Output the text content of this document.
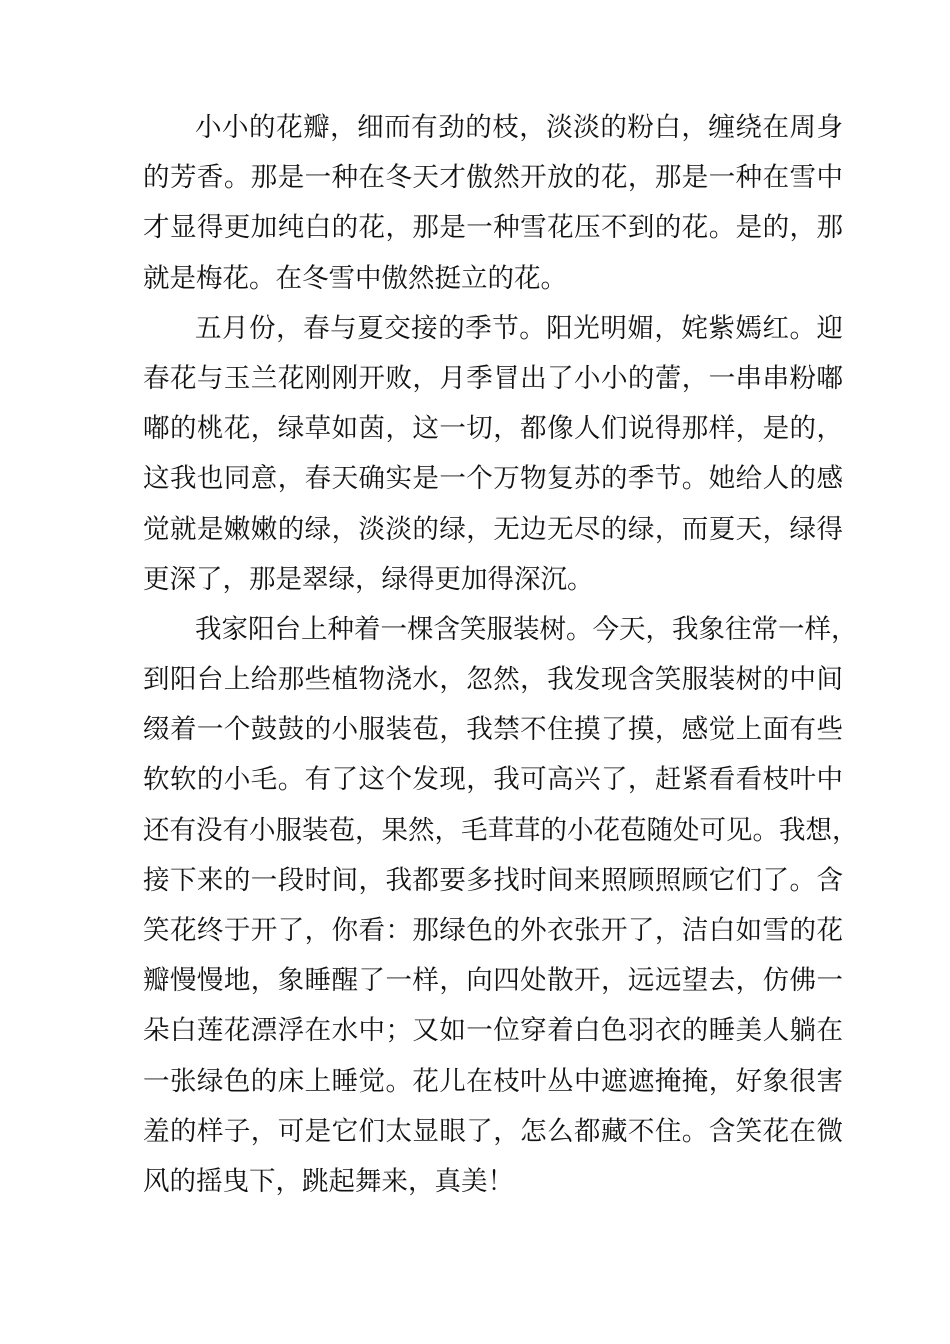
小小的花瓣，细而有劲的枝，淡淡的粉白，缠绕在周身
的芳香。那是一种在冬天才傲然开放的花，那是一种在雪中
才显得更加纯白的花，那是一种雪花压不到的花。是的，那
就是梅花。在冬雪中傲然挺立的花。
五月份，春与夏交接的季节。阳光明媚，姹紫嫣红。迎
春花与玉兰花刚刚开败，月季冒出了小小的蕾，一串串粉嘟
嘟的桃花，绿草如茵，这一切，都像人们说得那样，是的，
这我也同意，春天确实是一个万物复苏的季节。她给人的感
觉就是嫩嫩的绿，淡淡的绿，无边无尽的绿，而夏天，绿得
更深了，那是翠绿，绿得更加得深沉。
我家阳台上种着一棵含笑服装树。今天，我象往常一样，
到阳台上给那些植物浇水，忽然，我发现含笑服装树的中间
缀着一个鼓鼓的小服装苞，我禁不住摸了摸，感觉上面有些
软软的小毛。有了这个发现，我可高兴了，赶紧看看枝叶中
还有没有小服装苞，果然，毛茸茸的小花苞随处可见。我想，
接下来的一段时间，我都要多找时间来照顾照顾它们了。含
笑花终于开了，你看：那绿色的外衣张开了，洁白如雪的花
瓣慢慢地，象睡醒了一样，向四处散开，远远望去，仿佛一
朵白莲花漂浮在水中；又如一位穿着白色羽衣的睡美人躺在
一张绿色的床上睡觉。花儿在枝叶丛中遮遮掩掩，好象很害
羞的样子，可是它们太显眼了，怎么都藏不住。含笑花在微
风的摇曳下，跳起舞来，真美！
